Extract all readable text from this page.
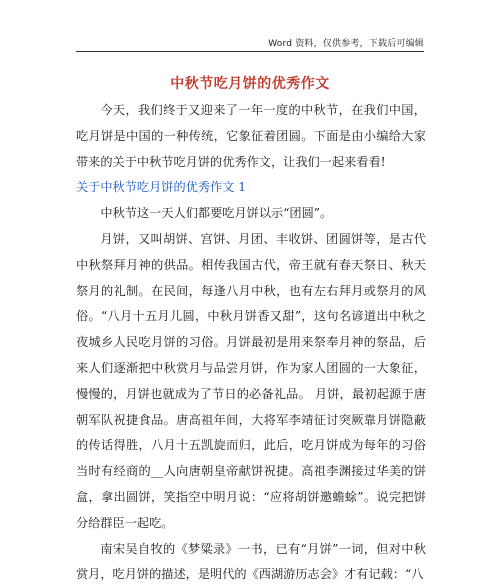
Word 资料，仅供参考，下载后可编辑
中秋节吃月饼的优秀作文

今天，我们终于又迎来了一年一度的中秋节，在我们中国，吃月饼是中国的一种传统，它象征着团圆。下面是由小编给大家带来的关于中秋节吃月饼的优秀作文，让我们一起来看看!

关于中秋节吃月饼的优秀作文 1

中秋节这一天人们都要吃月饼以示“团圆”。

月饼，又叫胡饼、宫饼、月团、丰收饼、团圆饼等，是古代中秋祭拜月神的供品。相传我国古代，帝王就有春天祭日、秋天祭月的礼制。在民间，每逢八月中秋，也有左右拜月或祭月的风俗。“八月十五月儿圆，中秋月饼香又甜”，这句名谚道出中秋之夜城乡人民吃月饼的习俗。月饼最初是用来祭奉月神的祭品，后来人们逐渐把中秋赏月与品尝月饼，作为家人团圆的一大象征，慢慢的，月饼也就成为了节日的必备礼品。 月饼，最初起源于唐朝军队祝捷食品。唐高祖年间，大将军李靖征讨突厥靠月饼隐蔽的传话得胜，八月十五凯旋而归，此后，吃月饼成为每年的习俗 当时有经商的__人向唐朝皇帝献饼祝捷。高祖李渊接过华美的饼盒，拿出圆饼，笑指空中明月说：“应将胡饼邀蟾蜍”。说完把饼分给群臣一起吃。

南宋吴自牧的《梦粱录》一书，已有“月饼”一词，但对中秋赏月，吃月饼的描述，是明代的《西湖游历志会》才有记载：“八
